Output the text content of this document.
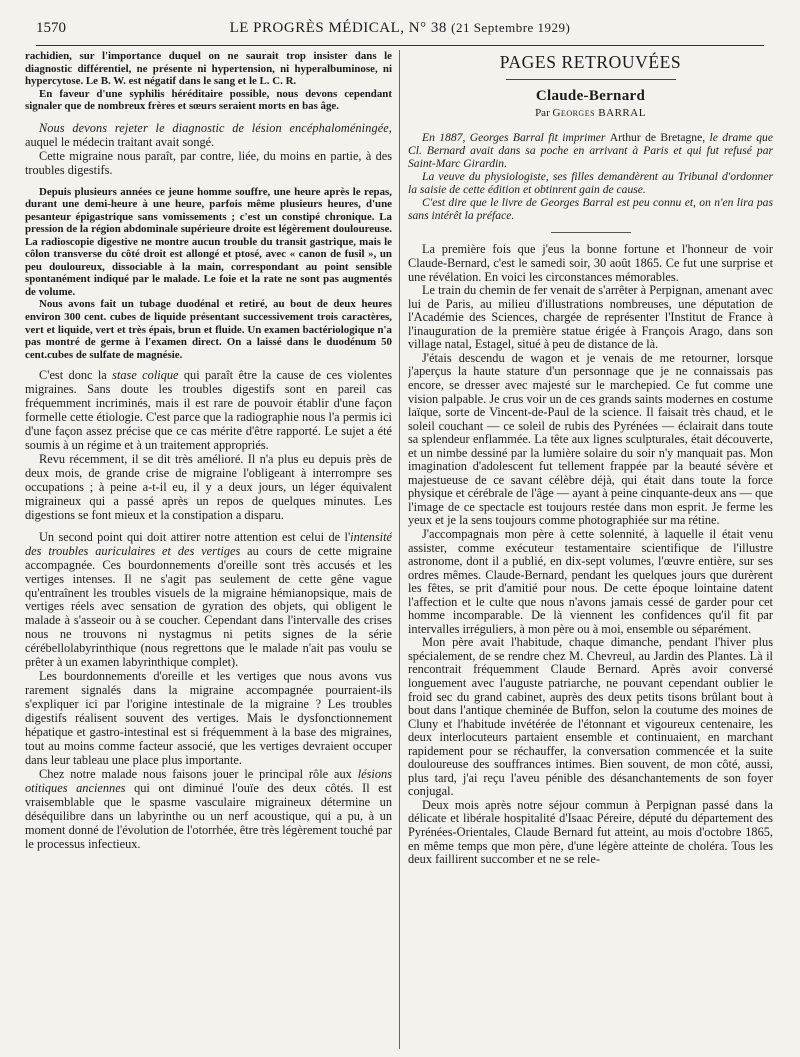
1570	LE PROGRÈS MÉDICAL, N° 38 (21 Septembre 1929)

rachidien, sur l'importance duquel on ne saurait trop insister dans le diagnostic différentiel, ne présente ni hypertension, ni hyperalbuminose, ni hypercytose. Le B. W. est négatif dans le sang et le L. C. R.

En faveur d'une syphilis héréditaire possible, nous devons cependant signaler que de nombreux frères et sœurs seraient morts en bas âge.

Nous devons rejeter le diagnostic de lésion encéphaloméningée, auquel le médecin traitant avait songé.

Cette migraine nous paraît, par contre, liée, du moins en partie, à des troubles digestifs.

Depuis plusieurs années ce jeune homme souffre, une heure après le repas, durant une demi-heure à une heure, parfois même plusieurs heures, d'une pesanteur épigastrique sans vomissements ; c'est un constipé chronique. La pression de la région abdominale supérieure droite est légèrement douloureuse. La radioscopie digestive ne montre aucun trouble du transit gastrique, mais le côlon transverse du côté droit est allongé et ptosé, avec « canon de fusil », un peu douloureux, dissociable à la main, correspondant au point sensible spontanément indiqué par le malade. Le foie et la rate ne sont pas augmentés de volume.

Nous avons fait un tubage duodénal et retiré, au bout de deux heures environ 300 cent. cubes de liquide présentant successivement trois caractères, vert et liquide, vert et très épais, brun et fluide. Un examen bactériologique n'a pas montré de germe à l'examen direct. On a laissé dans le duodénum 50 cent.cubes de sulfate de magnésie.

C'est donc la stase colique qui paraît être la cause de ces violentes migraines. Sans doute les troubles digestifs sont en pareil cas fréquemment incriminés, mais il est rare de pouvoir établir d'une façon formelle cette étiologie. C'est parce que la radiographie nous l'a permis ici d'une façon assez précise que ce cas mérite d'être rapporté. Le sujet a été soumis à un régime et à un traitement appropriés.

Revu récemment, il se dit très amélioré. Il n'a plus eu depuis près de deux mois, de grande crise de migraine l'obligeant à interrompre ses occupations ; à peine a-t-il eu, il y a deux jours, un léger équivalent migraineux qui a passé après un repos de quelques minutes. Les digestions se font mieux et la constipation a disparu.

Un second point qui doit attirer notre attention est celui de l'intensité des troubles auriculaires et des vertiges au cours de cette migraine accompagnée. Ces bourdonnements d'oreille sont très accusés et les vertiges intenses. Il ne s'agit pas seulement de cette gêne vague qu'entraînent les troubles visuels de la migraine hémianopsique, mais de vertiges réels avec sensation de gyration des objets, qui obligent le malade à s'asseoir ou à se coucher. Cependant dans l'intervalle des crises nous ne trouvons ni nystagmus ni petits signes de la série cérébellolabyrinthique (nous regrettons que le malade n'ait pas voulu se prêter à un examen labyrinthique complet).

Les bourdonnements d'oreille et les vertiges que nous avons vus rarement signalés dans la migraine accompagnée pourraient-ils s'expliquer ici par l'origine intestinale de la migraine ? Les troubles digestifs réalisent souvent des vertiges. Mais le dysfonctionnement hépatique et gastro-intestinal est si fréquemment à la base des migraines, tout au moins comme facteur associé, que les vertiges devraient occuper dans leur tableau une place plus importante.

Chez notre malade nous faisons jouer le principal rôle aux lésions otitiques anciennes qui ont diminué l'ouïe des deux côtés. Il est vraisemblable que le spasme vasculaire migraineux détermine un déséquilibre dans un labyrinthe ou un nerf acoustique, qui a pu, à un moment donné de l'évolution de l'otorrhée, être très légèrement touché par le processus infectieux.

PAGES RETROUVÉES
Claude-Bernard
Par Georges BARRAL

En 1887, Georges Barral fit imprimer Arthur de Bretagne, le drame que Cl. Bernard avait dans sa poche en arrivant à Paris et qui fut refusé par Saint-Marc Girardin.

La veuve du physiologiste, ses filles demandèrent au Tribunal d'ordonner la saisie de cette édition et obtinrent gain de cause.

C'est dire que le livre de Georges Barral est peu connu et, on n'en lira pas sans intérêt la préface.

La première fois que j'eus la bonne fortune et l'honneur de voir Claude-Bernard, c'est le samedi soir, 30 août 1865. Ce fut une surprise et une révélation. En voici les circonstances mémorables.

Le train du chemin de fer venait de s'arrêter à Perpignan, amenant avec lui de Paris, au milieu d'illustrations nombreuses, une députation de l'Académie des Sciences, chargée de représenter l'Institut de France à l'inauguration de la première statue érigée à François Arago, dans son village natal, Estagel, situé à peu de distance de là.

J'étais descendu de wagon et je venais de me retourner, lorsque j'aperçus la haute stature d'un personnage que je ne connaissais pas encore, se dresser avec majesté sur le marchepied. Ce fut comme une vision palpable. Je crus voir un de ces grands saints modernes en costume laïque, sorte de Vincent-de-Paul de la science. Il faisait très chaud, et le soleil couchant — ce soleil de rubis des Pyrénées — éclairait dans toute sa splendeur enflammée. La tête aux lignes sculpturales, était découverte, et un nimbe dessiné par la lumière solaire du soir n'y manquait pas. Mon imagination d'adolescent fut tellement frappée par la beauté sévère et majestueuse de ce savant célèbre déjà, qui était dans toute la force physique et cérébrale de l'âge — ayant à peine cinquante-deux ans — que l'image de ce spectacle est toujours restée dans mon esprit. Je ferme les yeux et je la sens toujours comme photographiée sur ma rétine.

J'accompagnais mon père à cette solennité, à laquelle il était venu assister, comme exécuteur testamentaire scientifique de l'illustre astronome, dont il a publié, en dix-sept volumes, l'œuvre entière, sur ses ordres mêmes. Claude-Bernard, pendant les quelques jours que durèrent les fêtes, se prit d'amitié pour nous. De cette époque lointaine datent l'affection et le culte que nous n'avons jamais cessé de garder pour cet homme incomparable. De là viennent les confidences qu'il fit par intervalles irréguliers, à mon père ou à moi, ensemble ou séparément.

Mon père avait l'habitude, chaque dimanche, pendant l'hiver plus spécialement, de se rendre chez M. Chevreul, au Jardin des Plantes. Là il rencontrait fréquemment Claude Bernard. Après avoir conversé longuement avec l'auguste patriarche, ne pouvant cependant oublier le froid sec du grand cabinet, auprès des deux petits tisons brûlant bout à bout dans l'antique cheminée de Buffon, selon la coutume des moines de Cluny et l'habitude invétérée de l'étonnant et vigoureux centenaire, les deux interlocuteurs partaient ensemble et continuaient, en marchant rapidement pour se réchauffer, la conversation commencée et la suite douloureuse des souffrances intimes. Bien souvent, de mon côté, aussi, plus tard, j'ai reçu l'aveu pénible des désanchantements de son foyer conjugal.

Deux mois après notre séjour commun à Perpignan passé dans la délicate et libérale hospitalité d'Isaac Péreire, député du département des Pyrénées-Orientales, Claude Bernard fut atteint, au mois d'octobre 1865, en même temps que mon père, d'une légère atteinte de choléra. Tous les deux faillirent succomber et ne se rele-
